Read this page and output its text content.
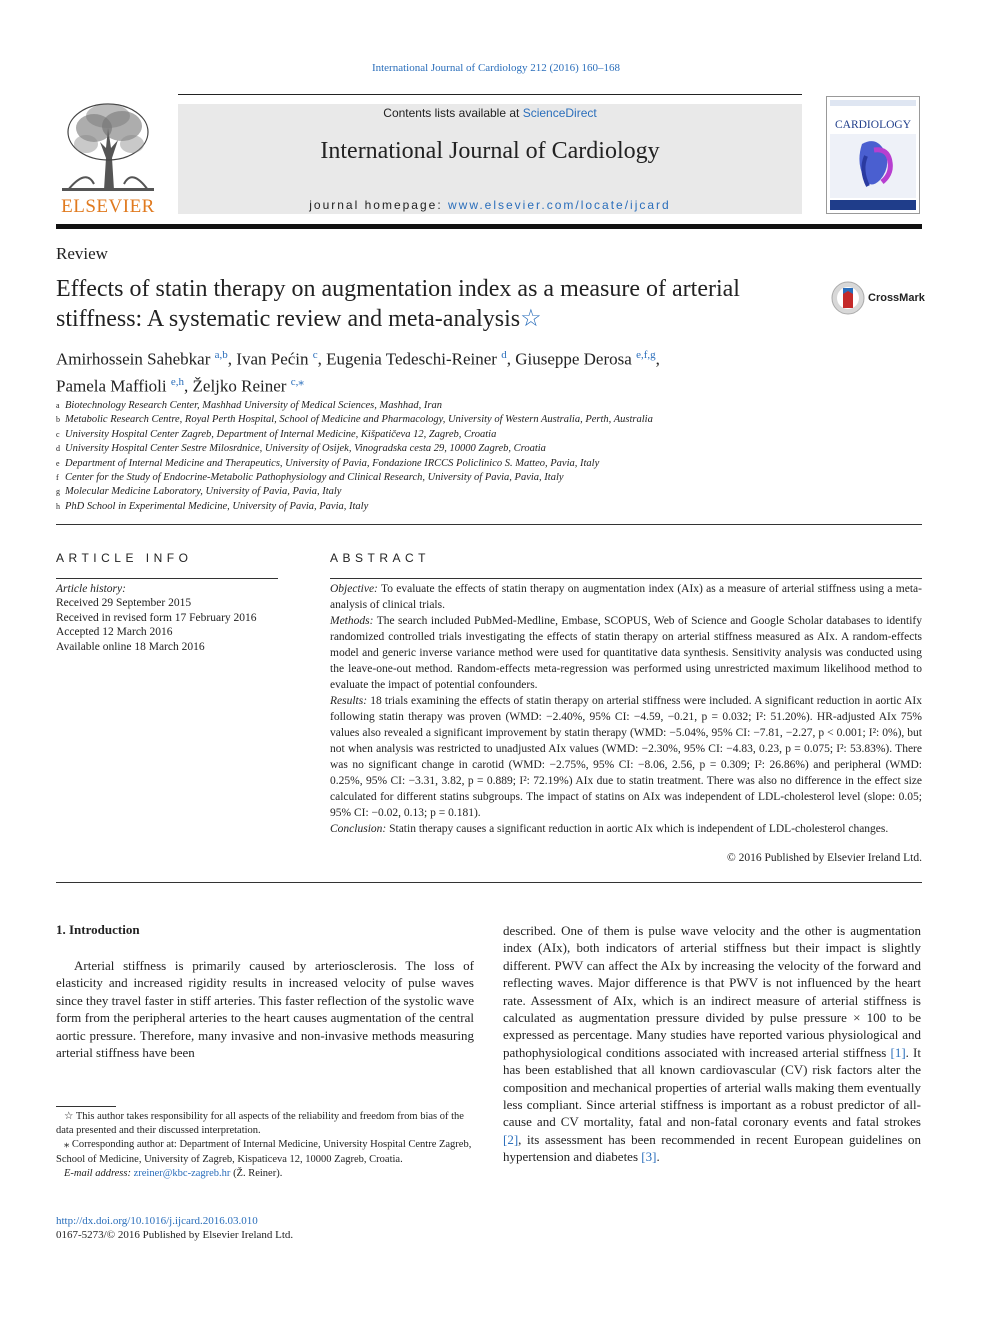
International Journal of Cardiology 212 (2016) 160–168
ELSEVIER
Contents lists available at ScienceDirect
International Journal of Cardiology
journal homepage: www.elsevier.com/locate/ijcard
CARDIOLOGY
Review
Effects of statin therapy on augmentation index as a measure of arterial stiffness: A systematic review and meta-analysis☆
CrossMark
Amirhossein Sahebkar $^{a,b}$, Ivan Pećin $^c$, Eugenia Tedeschi-Reiner $^d$, Giuseppe Derosa $^{e,f,g}$,
Pamela Maffioli $^{e,h}$, Željko Reiner $^{c,⁎}$
a Biotechnology Research Center, Mashhad University of Medical Sciences, Mashhad, Iran
b Metabolic Research Centre, Royal Perth Hospital, School of Medicine and Pharmacology, University of Western Australia, Perth, Australia
c University Hospital Center Zagreb, Department of Internal Medicine, Kišpatičeva 12, Zagreb, Croatia
d University Hospital Center Sestre Milosrdnice, University of Osijek, Vinogradska cesta 29, 10000 Zagreb, Croatia
e Department of Internal Medicine and Therapeutics, University of Pavia, Fondazione IRCCS Policlinico S. Matteo, Pavia, Italy
f Center for the Study of Endocrine-Metabolic Pathophysiology and Clinical Research, University of Pavia, Pavia, Italy
g Molecular Medicine Laboratory, University of Pavia, Pavia, Italy
h PhD School in Experimental Medicine, University of Pavia, Pavia, Italy
ARTICLE INFO
Article history:
Received 29 September 2015
Received in revised form 17 February 2016
Accepted 12 March 2016
Available online 18 March 2016
ABSTRACT

Objective: To evaluate the effects of statin therapy on augmentation index (AIx) as a measure of arterial stiffness using a meta-analysis of clinical trials.

Methods: The search included PubMed-Medline, Embase, SCOPUS, Web of Science and Google Scholar databases to identify randomized controlled trials investigating the effects of statin therapy on arterial stiffness measured as AIx. A random-effects model and generic inverse variance method were used for quantitative data synthesis. Sensitivity analysis was conducted using the leave-one-out method. Random-effects meta-regression was performed using unrestricted maximum likelihood method to evaluate the impact of potential confounders.

Results: 18 trials examining the effects of statin therapy on arterial stiffness were included. A significant reduction in aortic AIx following statin therapy was proven (WMD: −2.40%, 95% CI: −4.59, −0.21, p = 0.032; I²: 51.20%). HR-adjusted AIx 75% values also revealed a significant improvement by statin therapy (WMD: −5.04%, 95% CI: −7.81, −2.27, p < 0.001; I²: 0%), but not when analysis was restricted to unadjusted AIx values (WMD: −2.30%, 95% CI: −4.83, 0.23, p = 0.075; I²: 53.83%). There was no significant change in carotid (WMD: −2.75%, 95% CI: −8.06, 2.56, p = 0.309; I²: 26.86%) and peripheral (WMD: 0.25%, 95% CI: −3.31, 3.82, p = 0.889; I²: 72.19%) AIx due to statin treatment. There was also no difference in the effect size calculated for different statins subgroups. The impact of statins on AIx was independent of LDL-cholesterol level (slope: 0.05; 95% CI: −0.02, 0.13; p = 0.181).

Conclusion: Statin therapy causes a significant reduction in aortic AIx which is independent of LDL-cholesterol changes.

© 2016 Published by Elsevier Ireland Ltd.
1. Introduction
Arterial stiffness is primarily caused by arteriosclerosis. The loss of elasticity and increased rigidity results in increased velocity of pulse waves since they travel faster in stiff arteries. This faster reflection of the systolic wave form from the peripheral arteries to the heart causes augmentation of the central aortic pressure. Therefore, many invasive and non-invasive methods measuring arterial stiffness have been
described. One of them is pulse wave velocity and the other is augmentation index (AIx), both indicators of arterial stiffness but their impact is slightly different. PWV can affect the AIx by increasing the velocity of the forward and reflecting waves. Major difference is that PWV is not influenced by the heart rate. Assessment of AIx, which is an indirect measure of arterial stiffness is calculated as augmentation pressure divided by pulse pressure × 100 to be expressed as percentage. Many studies have reported various physiological and pathophysiological conditions associated with increased arterial stiffness [1]. It has been established that all known cardiovascular (CV) risk factors alter the composition and mechanical properties of arterial walls making them eventually less compliant. Since arterial stiffness is important as a robust predictor of all-cause and CV mortality, fatal and non-fatal coronary events and fatal strokes [2], its assessment has been recommended in recent European guidelines on hypertension and diabetes [3].

☆ This author takes responsibility for all aspects of the reliability and freedom from bias of the data presented and their discussed interpretation.

⁎ Corresponding author at: Department of Internal Medicine, University Hospital Centre Zagreb, School of Medicine, University of Zagreb, Kispaticeva 12, 10000 Zagreb, Croatia.

E-mail address: zreiner@kbc-zagreb.hr (Ž. Reiner).

http://dx.doi.org/10.1016/j.ijcard.2016.03.010
0167-5273/© 2016 Published by Elsevier Ireland Ltd.
